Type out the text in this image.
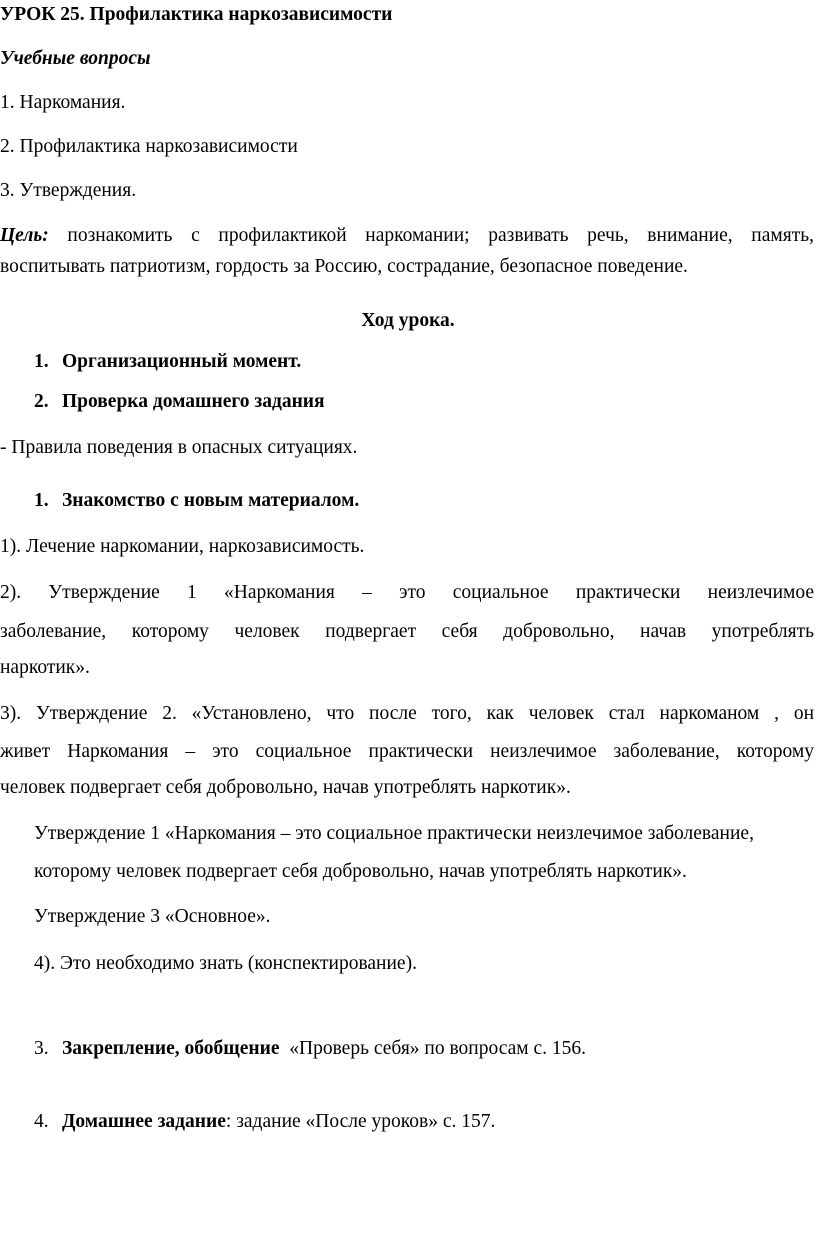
УРОК 25. Профилактика наркозависимости
Учебные вопросы
1. Наркомания.
2. Профилактика наркозависимости
3. Утверждения.
Цель: познакомить с профилактикой наркомании; развивать речь, внимание, память,
воспитывать патриотизм, гордость за Россию, сострадание, безопасное поведение.
Ход урока.
1. Организационный момент.
2. Проверка домашнего задания
- Правила поведения в опасных ситуациях.
1. Знакомство с новым материалом.
1). Лечение наркомании, наркозависимость.
2). Утверждение 1 «Наркомания – это социальное практически неизлечимое
заболевание, которому человек подвергает себя добровольно, начав употреблять
наркотик».
3). Утверждение 2. «Установлено, что после того, как человек стал наркоманом , он
живет Наркомания – это социальное практически неизлечимое заболевание, которому
человек подвергает себя добровольно, начав употреблять наркотик».
Утверждение 1 «Наркомания – это социальное практически неизлечимое заболевание,
которому человек подвергает себя добровольно, начав употреблять наркотик».
Утверждение 3 «Основное».
4). Это необходимо знать (конспектирование).
3. Закрепление, обобщение «Проверь себя» по вопросам с. 156.
4. Домашнее задание: задание «После уроков» с. 157.
